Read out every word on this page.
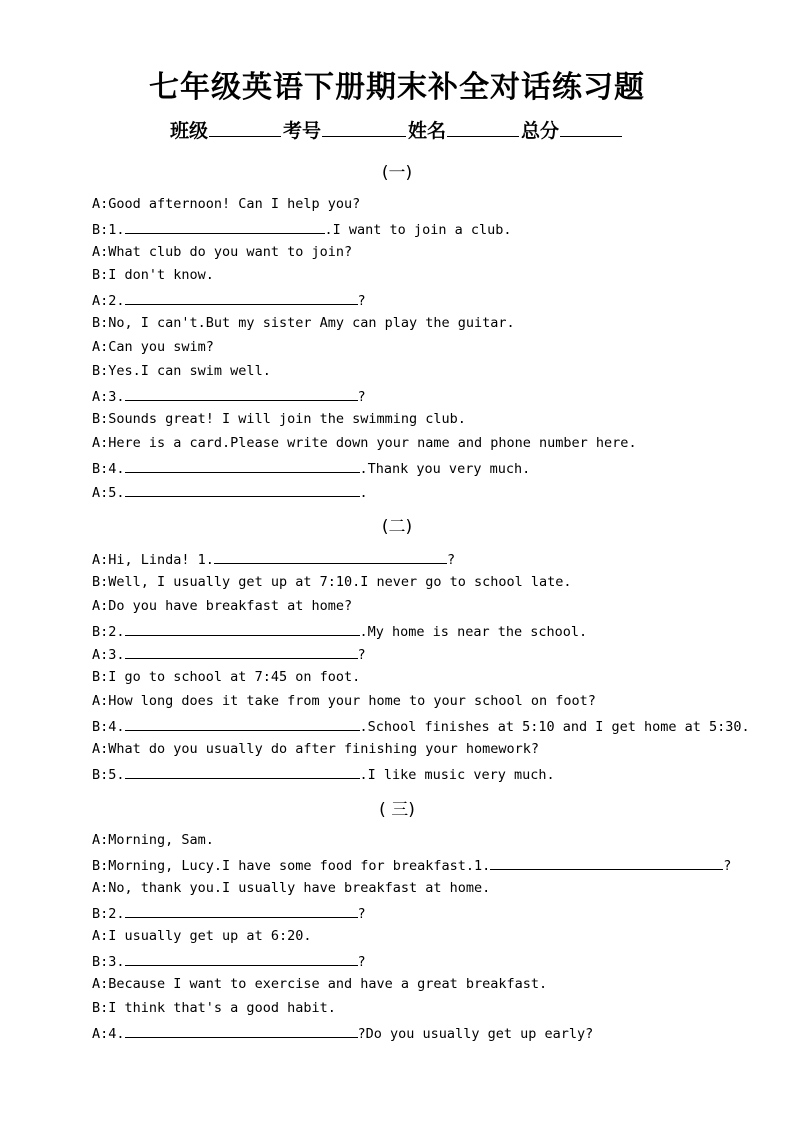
七年级英语下册期末补全对话练习题
班级	考号	姓名	总分
(一)
A:Good afternoon! Can I help you?
B:1.	.I want to join a club.
A:What club do you want to join?
B:I don't know.
A:2.	?
B:No, I can't.But my sister Amy can play the guitar.
A:Can you swim?
B:Yes.I can swim well.
A:3.	?
B:Sounds great! I will join the swimming club.
A:Here is a card.Please write down your name and phone number here.
B:4.	.Thank you very much.
A:5.	.
(二)
A:Hi, Linda! 1.	?
B:Well, I usually get up at 7:10.I never go to school late.
A:Do you have breakfast at home?
B:2.	.My home is near the school.
A:3.	?
B:I go to school at 7:45 on foot.
A:How long does it take from your home to your school on foot?
B:4.	.School finishes at 5:10 and I get home at 5:30.
A:What do you usually do after finishing your homework?
B:5.	.I like music very much.
( 三)
A:Morning, Sam.
B:Morning, Lucy.I have some food for breakfast.1.	?
A:No, thank you.I usually have breakfast at home.
B:2.	?
A:I usually get up at 6:20.
B:3.	?
A:Because I want to exercise and have a great breakfast.
B:I think that's a good habit.
A:4.	?Do you usually get up early?
